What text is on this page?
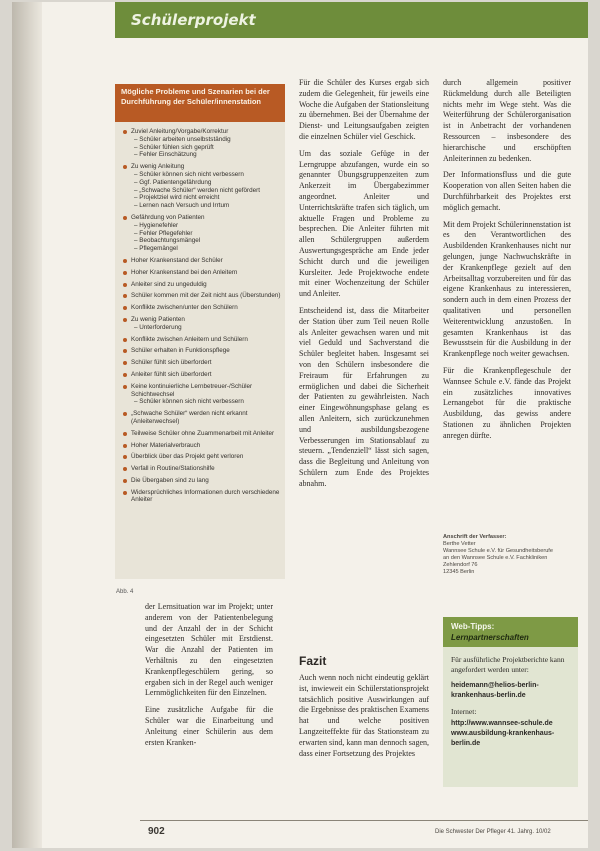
Schülerprojekt
Mögliche Probleme und Szenarien bei der Durchführung der Schüler/innenstation
Zuviel Anleitung/Vorgabe/Korrektur
– Schüler arbeiten unselbstständig
– Schüler fühlen sich geprüft
– Fehler Einschätzung
Zu wenig Anleitung
– Schüler können sich nicht verbessern
– Ggf. Patientengefährdung
– „Schwache Schüler“ werden nicht gefördert
– Projektziel wird nicht erreicht
– Lernen nach Versuch und Irrtum
Gefährdung von Patienten
– Hygienefehler
– Fehler Pflegefehler
– Beobachtungsmängel
– Pflegemängel
Hoher Krankenstand der Schüler
Hoher Krankenstand bei den Anleitern
Anleiter sind zu ungeduldig
Schüler kommen mit der Zeit nicht aus (Überstunden)
Konflikte zwischen/unter den Schülern
Zu wenig Patienten
– Unterforderung
Konflikte zwischen Anleitern und Schülern
Schüler erhalten in Funktionspflege
Schüler fühlt sich überfordert
Anleiter fühlt sich überfordert
Keine kontinuierliche Lernbetreuer-/Schüler Schichtwechsel
– Schüler können sich nicht verbessern
„Schwache Schüler“ werden nicht erkannt (Anleiterwechsel)
Teilweise Schüler ohne Zuammenarbeit mit Anleiter
Hoher Materialverbrauch
Überblick über das Projekt geht verloren
Verfall in Routine/Stationshilfe
Die Übergaben sind zu lang
Widersprüchliches Informationen durch verschiedene Anleiter
Abb. 4

der Lernsituation war im Projekt; unter anderem von der Patientenbelegung und der Anzahl der in der Schicht eingesetzten Schüler mit Erstdienst. War die Anzahl der Patienten im Verhältnis zu den eingesetzten Krankenpflegeschülern gering, so ergaben sich in der Regel auch weniger Lernmöglichkeiten für den Einzelnen.

Eine zusätzliche Aufgabe für die Schüler war die Einarbeitung und Anleitung einer Schülerin aus dem ersten Kranken-

Für die Schüler des Kurses ergab sich zudem die Gelegenheit, für jeweils eine Woche die Aufgaben der Stationsleitung zu übernehmen. Bei der Übernahme der Dienst- und Leitungsaufgaben zeigten die einzelnen Schüler viel Geschick.

Um das soziale Gefüge in der Lerngruppe abzufangen, wurde ein so genannter Übungsgruppenzeiten zum Ankerzeit im Übergabezimmer angeordnet. Anleiter und Unterrichtskräfte trafen sich täglich, um aktuelle Fragen und Probleme zu besprechen. Die Anleiter führten mit allen Schülergruppen außerdem Auswertungsgespräche am Ende jeder Schicht durch und die jeweiligen Kursleiter. Jede Projektwoche endete mit einer Wochenzeitung der Schüler und Anleiter.

Entscheidend ist, dass die Mitarbeiter der Station über zum Teil neuen Rolle als Anleiter gewachsen waren und mit viel Geduld und Sachverstand die Schüler begleitet haben. Insgesamt sei von den Schülern insbesondere die Freiraum für Erfahrungen zu ermöglichen und dabei die Sicherheit der Patienten zu gewährleisten. Nach einer Eingewöhnungsphase gelang es allen Anleitern, sich zurückzunehmen und ausbildungsbezogene Verbesserungen im Stationsablauf zu steuern. „Tendenziell“ lässt sich sagen, dass die Begleitung und Anleitung von Schülern zum Ende des Projektes abnahm.

Fazit

Auch wenn noch nicht eindeutig geklärt ist, inwieweit ein Schülerstationsprojekt tatsächlich positive Auswirkungen auf die Ergebnisse des praktischen Examens hat und welche positiven Langzeiteffekte für das Stationsteam zu erwarten sind, kann man dennoch sagen, dass einer Fortsetzung des Projektes

durch allgemein positiver Rückmeldung durch alle Beteiligten nichts mehr im Wege steht. Was die Weiterführung der Schülerorganisation ist in Anbetracht der vorhandenen Ressourcen – insbesondere des hierarchische und erschöpften Anleiterinnen zu bedenken.

Der Informationsfluss und die gute Kooperation von allen Seiten haben die Durchführbarkeit des Projektes erst möglich gemacht.

Mit dem Projekt Schülerinnenstation ist es den Verantwortlichen des Ausbildenden Krankenhauses nicht nur gelungen, junge Nachwuchskräfte in der Krankenpflege gezielt auf den Arbeitsalltag vorzubereiten und für das eigene Krankenhaus zu interessieren, sondern auch in dem einen Prozess der qualitativen und personellen Weiterentwicklung anzustoßen. In gesamten Krankenhaus ist das Bewusstsein für die Ausbildung in der Krankenpflege noch weiter gewachsen.

Für die Krankenpflegeschule der Wannsee Schule e.V. fände das Projekt ein zusätzliches innovatives Lernangebot für die praktische Ausbildung, das gewiss andere Stationen zu ähnlichen Projekten anregen dürfte.

Anschrift der Verfasser:
Berthe Vetter
Wannsee Schule e.V. für Gesundheitsberufe
an den Wannsee Schule e.V. Fachkliniken
Zehlendorf 76
12345 Berlin
Web-Tipps:
Lernpartnerschaften

Für ausführliche Projektberichte kann angefordert werden unter:

heidemann@helios-berlin-krankenhaus-berlin.de

Internet:

http://www.wannsee-schule.de www.ausbildung-krankenhaus-berlin.de

902	Die Schwester Der Pfleger 41. Jahrg. 10/02
